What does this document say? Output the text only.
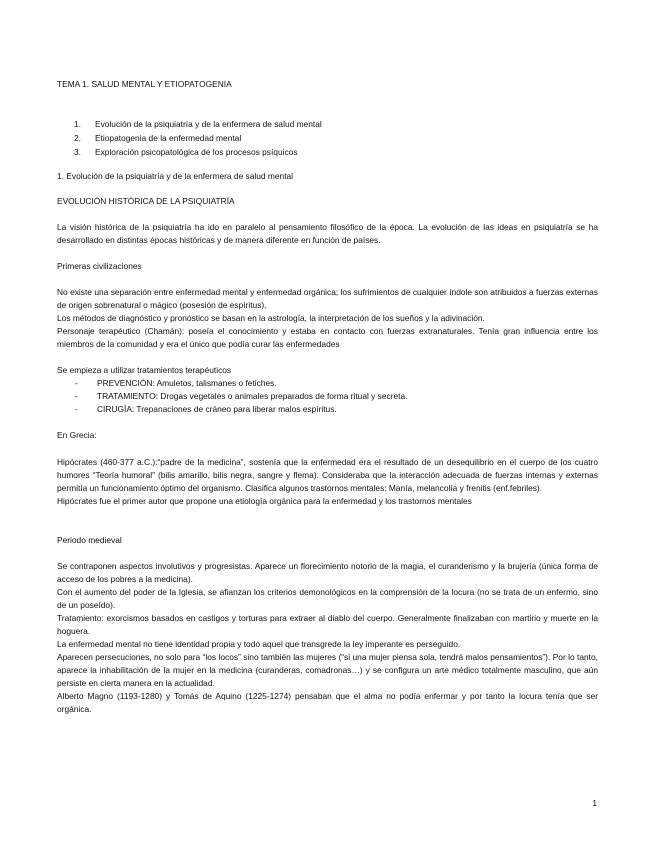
TEMA 1. SALUD MENTAL Y ETIOPATOGENIA

1.	Evolución de la psiquiatría y de la enfermera de salud mental
2.	Etiopatogenia de la enfermedad mental
3.	Exploración psicopatológica de los procesos psíquicos

1. Evolución de la psiquiatría y de la enfermera de salud mental

EVOLUCIÓN HISTÓRICA DE LA PSIQUIATRÍA

La visión histórica de la psiquiatría ha ido en paralelo al pensamiento filosófico de la época. La evolución de las ideas en psiquiatría se ha desarrollado en distintas épocas históricas y de manera diferente en función de países.

Primeras civilizaciones

No existe una separación entre enfermedad mental y enfermedad orgánica; los sufrimientos de cualquier índole son atribuidos a fuerzas externas de origen sobrenatural o mágico (posesión de espíritus).

Los métodos de diagnóstico y pronóstico se basan en la astrología, la interpretación de los sueños y la adivinación.

Personaje terapéutico (Chamán): poseía el conocimiento y estaba en contacto con fuerzas extranaturales. Tenía gran influencia entre los miembros de la comunidad y era el único que podía curar las enfermedades

Se empieza a utilizar tratamientos terapéuticos

-	PREVENCIÓN: Amuletos, talismanes o fetiches.
-	TRATAMIENTO: Drogas vegetales o animales preparados de forma ritual y secreta.
-	CIRUGÍA: Trepanaciones de cráneo para liberar malos espíritus.

En Grecia:

Hipócrates (460-377 a.C.):“padre de la medicina”, sostenía que la enfermedad era el resultado de un desequilibrio en el cuerpo de los cuatro humores “Teoría humoral” (bilis amarillo, bilis negra, sangre y flema). Consideraba que la interacción adecuada de fuerzas internas y externas permitía un funcionamiento óptimo del organismo. Clasifica algunos trastornos mentales: Manía, melancolía y frenitis (enf.febriles).

Hipócrates fue el primer autor que propone una etiología orgánica para la enfermedad y los trastornos mentales

Periodo medieval

Se contraponen aspectos involutivos y progresistas. Aparece un florecimiento notorio de la magia, el curanderismo y la brujería (única forma de acceso de los pobres a la medicina).

Con el aumento del poder de la Iglesia, se afianzan los criterios demonológicos en la comprensión de la locura (no se trata de un enfermo, sino de un poseído).

Tratamiento: exorcismos basados en castigos y torturas para extraer al diablo del cuerpo. Generalmente finalizaban con martirio y muerte en la hoguera.

La enfermedad mental no tiene identidad propia y todo aquel que transgrede la ley imperante es perseguido.

Aparecen persecuciones, no solo para “los locos” sino también las mujeres (“si una mujer piensa sola, tendrá malos pensamientos”). Por lo tanto, aparece la inhabilitación de la mujer en la medicina (curanderas, comadronas…) y se configura un arte médico totalmente masculino, que aún persiste en cierta manera en la actualidad.

Alberto Magno (1193-1280) y Tomás de Aquino (1225-1274) pensaban que el alma no podía enfermar y por tanto la locura tenía que ser orgánica.

1
